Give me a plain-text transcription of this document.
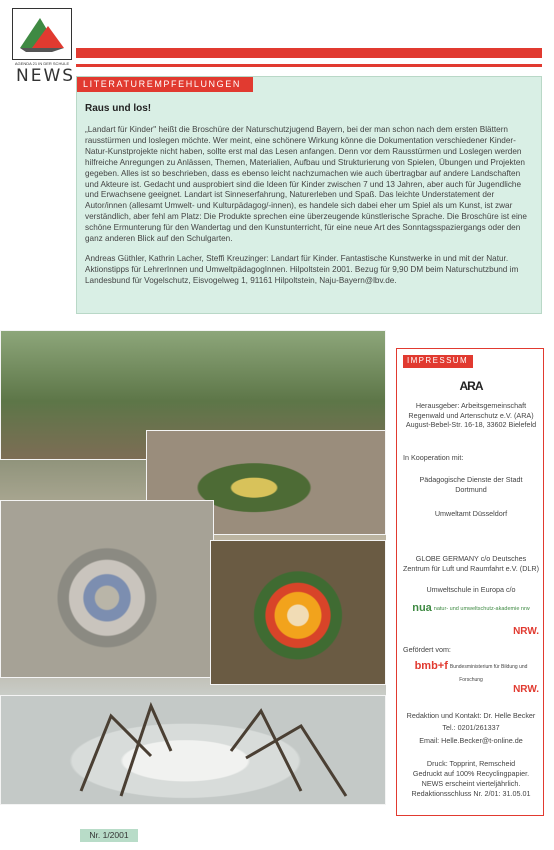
AGENDA 21 IN DER SCHULE
NEWS LITERATUREMPFEHLUNGEN
Raus und los!

„Landart für Kinder" heißt die Broschüre der Naturschutzjugend Bayern, bei der man schon nach dem ersten Blättern rausstürmen und loslegen möchte. Wer meint, eine schönere Wirkung könne die Dokumentation verschiedener Kinder-Natur-Kunstprojekte nicht haben, sollte erst mal das Lesen anfangen. Denn vor dem Rausstürmen und Loslegen werden hilfreiche Anregungen zu Anlässen, Themen, Materialien, Aufbau und Strukturierung von Spielen, Übungen und Projekten gegeben. Alles ist so beschrieben, dass es ebenso leicht nachzumachen wie auch übertragbar auf andere Landschaften und Akteure ist. Gedacht und ausprobiert sind die Ideen für Kinder zwischen 7 und 13 Jahren, aber auch für Jugendliche und Erwachsene geeignet. Landart ist Sinneserfahrung, Naturerleben und Spaß. Das leichte Understatement der Autor/innen (allesamt Umwelt- und Kulturpädagog/-innen), es handele sich dabei eher um Spiel als um Kunst, ist zwar verständlich, aber fehl am Platz: Die Produkte sprechen eine überzeugende künstlerische Sprache. Die Broschüre ist eine schöne Ermunterung für den Wandertag und den Kunstunterricht, für eine neue Art des Sonntagsspaziergangs oder den ganz anderen Blick auf den Schulgarten.

Andreas Güthler, Kathrin Lacher, Steffi Kreuzinger: Landart für Kinder. Fantastische Kunstwerke in und mit der Natur. Aktionstipps für LehrerInnen und UmweltpädagogInnen. Hilpoltstein 2001. Bezug für 9,90 DM beim Naturschutzbund im Landesbund für Vogelschutz, Eisvogelweg 1, 91161 Hilpoltstein, Naju-Bayern@lbv.de.

IMPRESSUM
ARA
Herausgeber: Arbeitsgemeinschaft Regenwald und Artenschutz e.V. (ARA) August-Bebel-Str. 16-18, 33602 Bielefeld
In Kooperation mit:
Pädagogische Dienste der Stadt Dortmund
Umweltamt Düsseldorf
GLOBE GERMANY c/o Deutsches Zentrum für Luft und Raumfahrt e.V. (DLR)
Umweltschule in Europa c/o
nua natur- und umweltschutz-akademie nrw
NRW.
Gefördert vom:
bmb+f Bundesministerium für Bildung und Forschung
NRW.
Redaktion und Kontakt: Dr. Helle Becker
Tel.: 0201/261337
Email: Helle.Becker@t-online.de
Druck: Topprint, Remscheid
Gedruckt auf 100% Recyclingpapier.
NEWS erscheint vierteljährlich.
Redaktionsschluss Nr. 2/01: 31.05.01
Nr. 1/2001
